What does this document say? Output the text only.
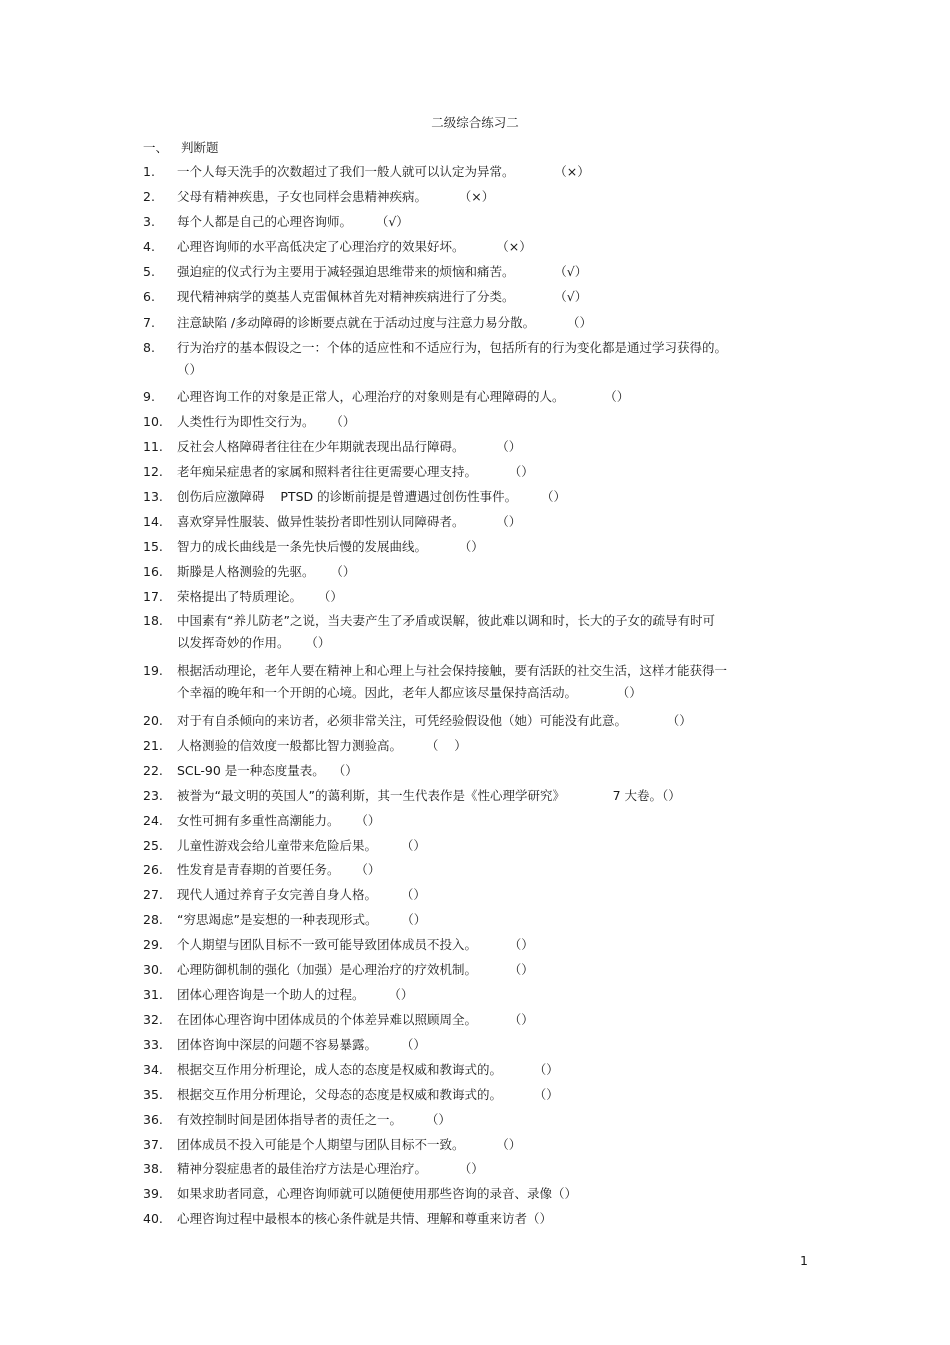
二级综合练习二
一、 判断题
1.	一个人每天洗手的次数超过了我们一般人就可以认定为异常。          （×）
2.	父母有精神疾患，子女也同样会患精神疾病。        （×）
3.	每个人都是自己的心理咨询师。      （√）
4.	心理咨询师的水平高低决定了心理治疗的效果好坏。        （×）
5.	强迫症的仪式行为主要用于减轻强迫思维带来的烦恼和痛苦。          （√）
6.	现代精神病学的奠基人克雷佩林首先对精神疾病进行了分类。          （√）
7.	注意缺陷 /多动障碍的诊断要点就在于活动过度与注意力易分散。        （）
8.	行为治疗的基本假设之一：个体的适应性和不适应行为，包括所有的行为变化都是通过学习获得的。
（）
9.	心理咨询工作的对象是正常人，心理治疗的对象则是有心理障碍的人。          （）
10.	人类性行为即性交行为。    （）
11.	反社会人格障碍者往往在少年期就表现出品行障碍。        （）
12.	老年痴呆症患者的家属和照料者往往更需要心理支持。        （）
13.	创伤后应激障碍    PTSD 的诊断前提是曾遭遇过创伤性事件。      （）
14.	喜欢穿异性服装、做异性装扮者即性别认同障碍者。        （）
15.	智力的成长曲线是一条先快后慢的发展曲线。        （）
16.	斯滕是人格测验的先驱。    （）
17.	荣格提出了特质理论。    （）
18.	中国素有“养儿防老”之说，当夫妻产生了矛盾或误解，彼此难以调和时，长大的子女的疏导有时可
以发挥奇妙的作用。    （）
19.	根据活动理论，老年人要在精神上和心理上与社会保持接触，要有活跃的社交生活，这样才能获得一
个幸福的晚年和一个开朗的心境。因此，老年人都应该尽量保持高活动。          （）
20.	对于有自杀倾向的来访者，必须非常关注，可凭经验假设他（她）可能没有此意。          （）
21.	人格测验的信效度一般都比智力测验高。      （    ）
22.	SCL-90 是一种态度量表。  （）
23.	被誉为“最文明的英国人”的蔼利斯，其一生代表作是《性心理学研究》            7 大卷。（）
24.	女性可拥有多重性高潮能力。    （）
25.	儿童性游戏会给儿童带来危险后果。      （）
26.	性发育是青春期的首要任务。    （）
27.	现代人通过养育子女完善自身人格。      （）
28.	“穷思竭虑”是妄想的一种表现形式。      （）
29.	个人期望与团队目标不一致可能导致团体成员不投入。        （）
30.	心理防御机制的强化（加强）是心理治疗的疗效机制。        （）
31.	团体心理咨询是一个助人的过程。      （）
32.	在团体心理咨询中团体成员的个体差异难以照顾周全。        （）
33.	团体咨询中深层的问题不容易暴露。      （）
34.	根据交互作用分析理论，成人态的态度是权威和教诲式的。        （）
35.	根据交互作用分析理论，父母态的态度是权威和教诲式的。        （）
36.	有效控制时间是团体指导者的责任之一。      （）
37.	团体成员不投入可能是个人期望与团队目标不一致。        （）
38.	精神分裂症患者的最佳治疗方法是心理治疗。        （）
39.	如果求助者同意，心理咨询师就可以随便使用那些咨询的录音、录像（）
40.	心理咨询过程中最根本的核心条件就是共情、理解和尊重来访者（）
1
